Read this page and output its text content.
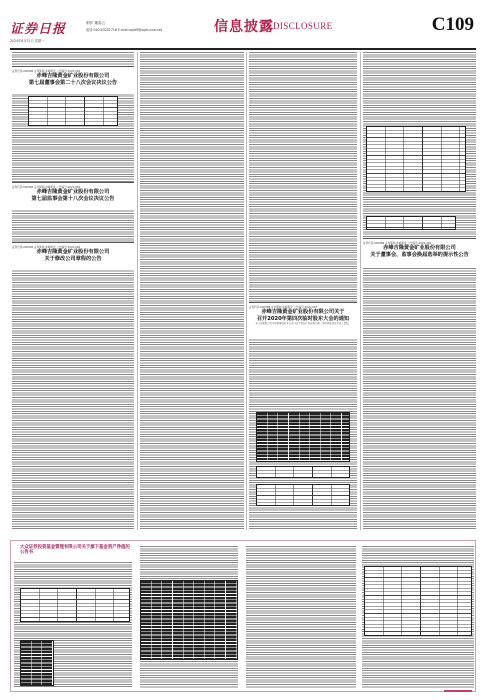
证券日报
2020年8月31日 星期一
制作 董春云
电话:010-83251716 E-mail:zqrb9@zqrb.sina.net	信息披露 DISCLOSURE	C109
证券代码:600988 证券简称:赤峰黄金 公告编号:2020-064
赤峰吉隆黄金矿业股份有限公司
第七届董事会第二十八次会议决议公告
证券代码:600988 证券简称:赤峰黄金 公告编号:2020-065
赤峰吉隆黄金矿业股份有限公司
第七届监事会第十八次会议决议公告
证券代码:600988 证券简称:赤峰黄金 公告编号:2020-066
赤峰吉隆黄金矿业股份有限公司
关于修改公司章程的公告
证券代码:600988 证券简称:赤峰黄金 公告编号:2020-067
赤峰吉隆黄金矿业股份有限公司关于
召开2020年第四次临时股东大会的通知
本公司董事会及全体董事保证本公告内容不存在任何虚假记载、误导性陈述或者重大遗漏。
证券代码:600988 证券简称:赤峰黄金 公告编号:2020-068
赤峰吉隆黄金矿业股份有限公司
关于董事会、监事会换届选举的提示性公告
大众证券投资基金管理有限公司关于旗下基金资产净值的公告书
